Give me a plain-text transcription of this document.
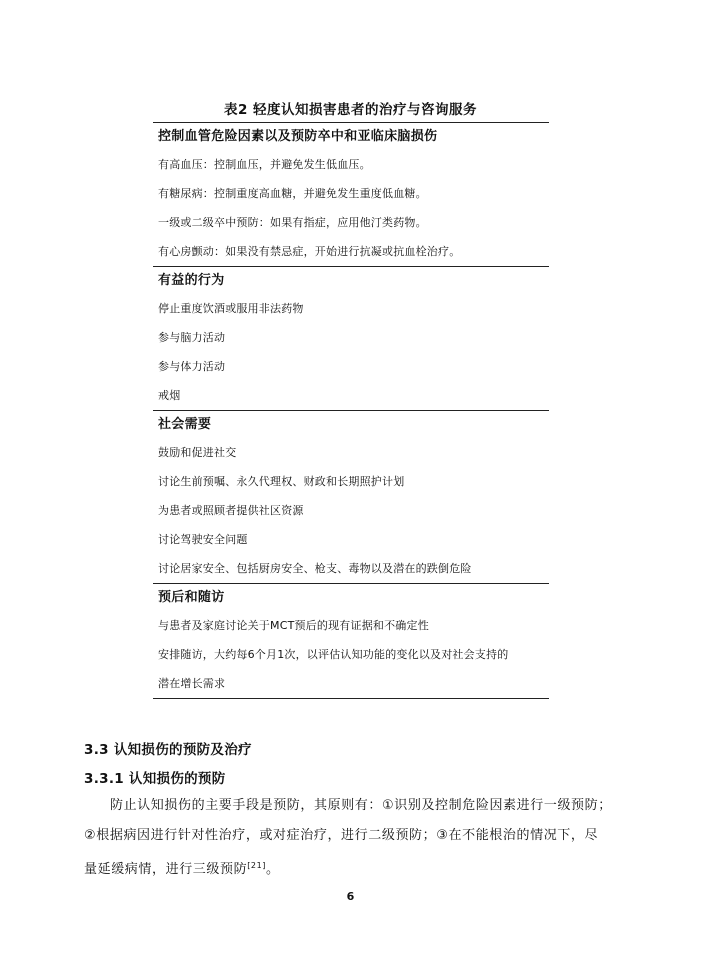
表2 轻度认知损害患者的治疗与咨询服务
控制血管危险因素以及预防卒中和亚临床脑损伤
有高血压：控制血压，并避免发生低血压。
有糖尿病：控制重度高血糖，并避免发生重度低血糖。
一级或二级卒中预防：如果有指症，应用他汀类药物。
有心房颤动：如果没有禁忌症，开始进行抗凝或抗血栓治疗。
有益的行为
停止重度饮酒或服用非法药物
参与脑力活动
参与体力活动
戒烟
社会需要
鼓励和促进社交
讨论生前预嘱、永久代理权、财政和长期照护计划
为患者或照顾者提供社区资源
讨论驾驶安全问题
讨论居家安全、包括厨房安全、枪支、毒物以及潜在的跌倒危险
预后和随访
与患者及家庭讨论关于MCT预后的现有证据和不确定性
安排随访，大约每6个月1次，以评估认知功能的变化以及对社会支持的
潜在增长需求
3.3 认知损伤的预防及治疗
3.3.1 认知损伤的预防

防止认知损伤的主要手段是预防，其原则有：①识别及控制危险因素进行一级预防；

②根据病因进行针对性治疗，或对症治疗，进行二级预防；③在不能根治的情况下，尽

量延缓病情，进行三级预防[21]。

6
